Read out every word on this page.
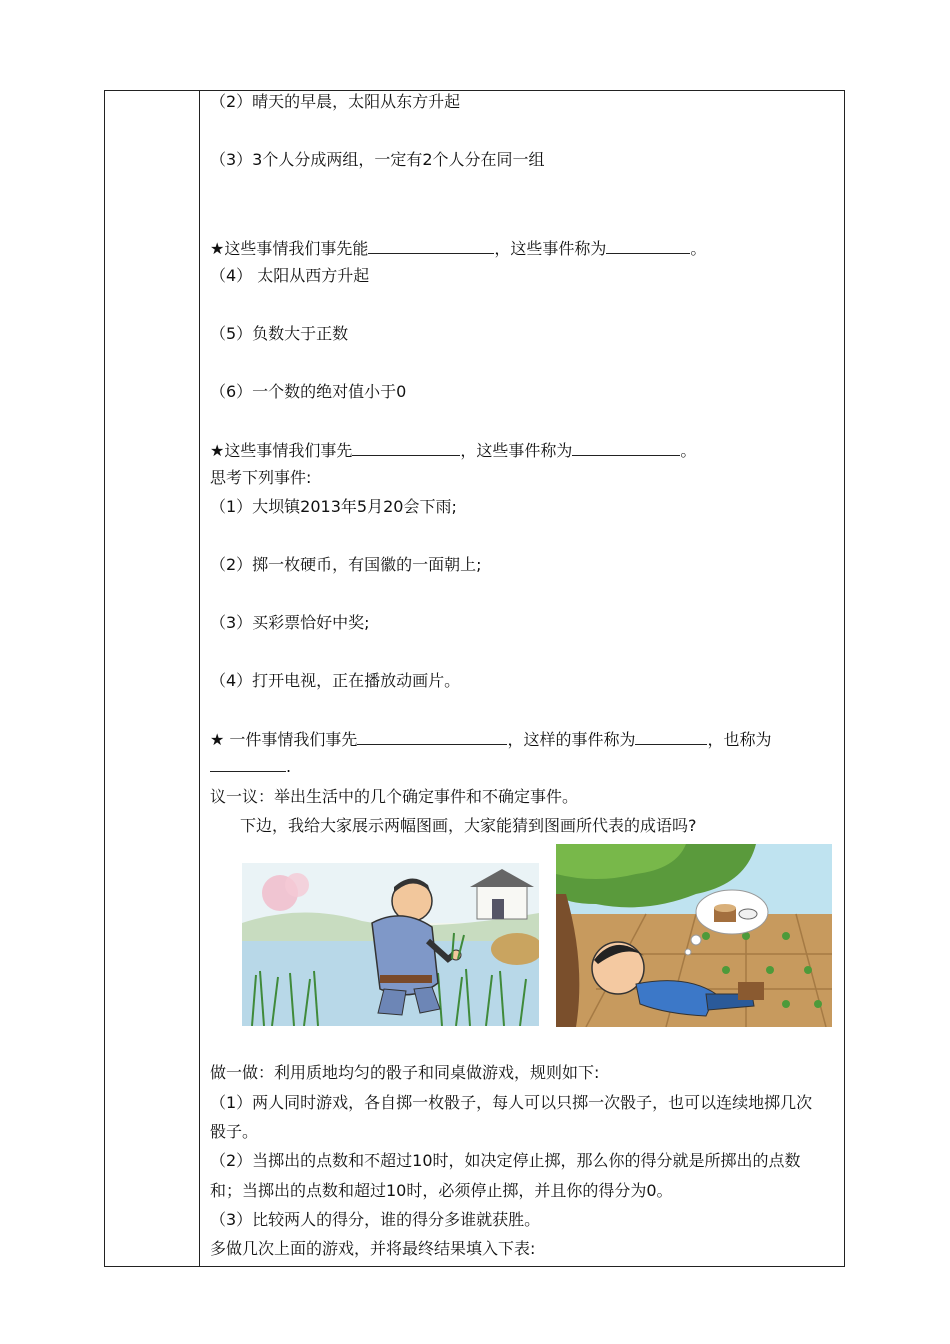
（2）晴天的早晨，太阳从东方升起
（3）3个人分成两组，一定有2个人分在同一组
★这些事情我们事先能	，这些事件称为	。
（4） 太阳从西方升起
（5）负数大于正数
（6）一个数的绝对值小于0
★这些事情我们事先	，这些事件称为	。
思考下列事件:
（1）大坝镇2013年5月20会下雨;
（2）掷一枚硬币，有国徽的一面朝上;
（3）买彩票恰好中奖;
（4）打开电视，正在播放动画片。
★ 一件事情我们事先	，这样的事件称为	，也称为
.
议一议：举出生活中的几个确定事件和不确定事件。
下边，我给大家展示两幅图画，大家能猜到图画所代表的成语吗?
做一做：利用质地均匀的骰子和同桌做游戏，规则如下:
（1）两人同时游戏，各自掷一枚骰子，每人可以只掷一次骰子，也可以连续地掷几次
骰子。
（2）当掷出的点数和不超过10时，如决定停止掷，那么你的得分就是所掷出的点数
和；当掷出的点数和超过10时，必须停止掷，并且你的得分为0。
（3）比较两人的得分，谁的得分多谁就获胜。
多做几次上面的游戏，并将最终结果填入下表:
